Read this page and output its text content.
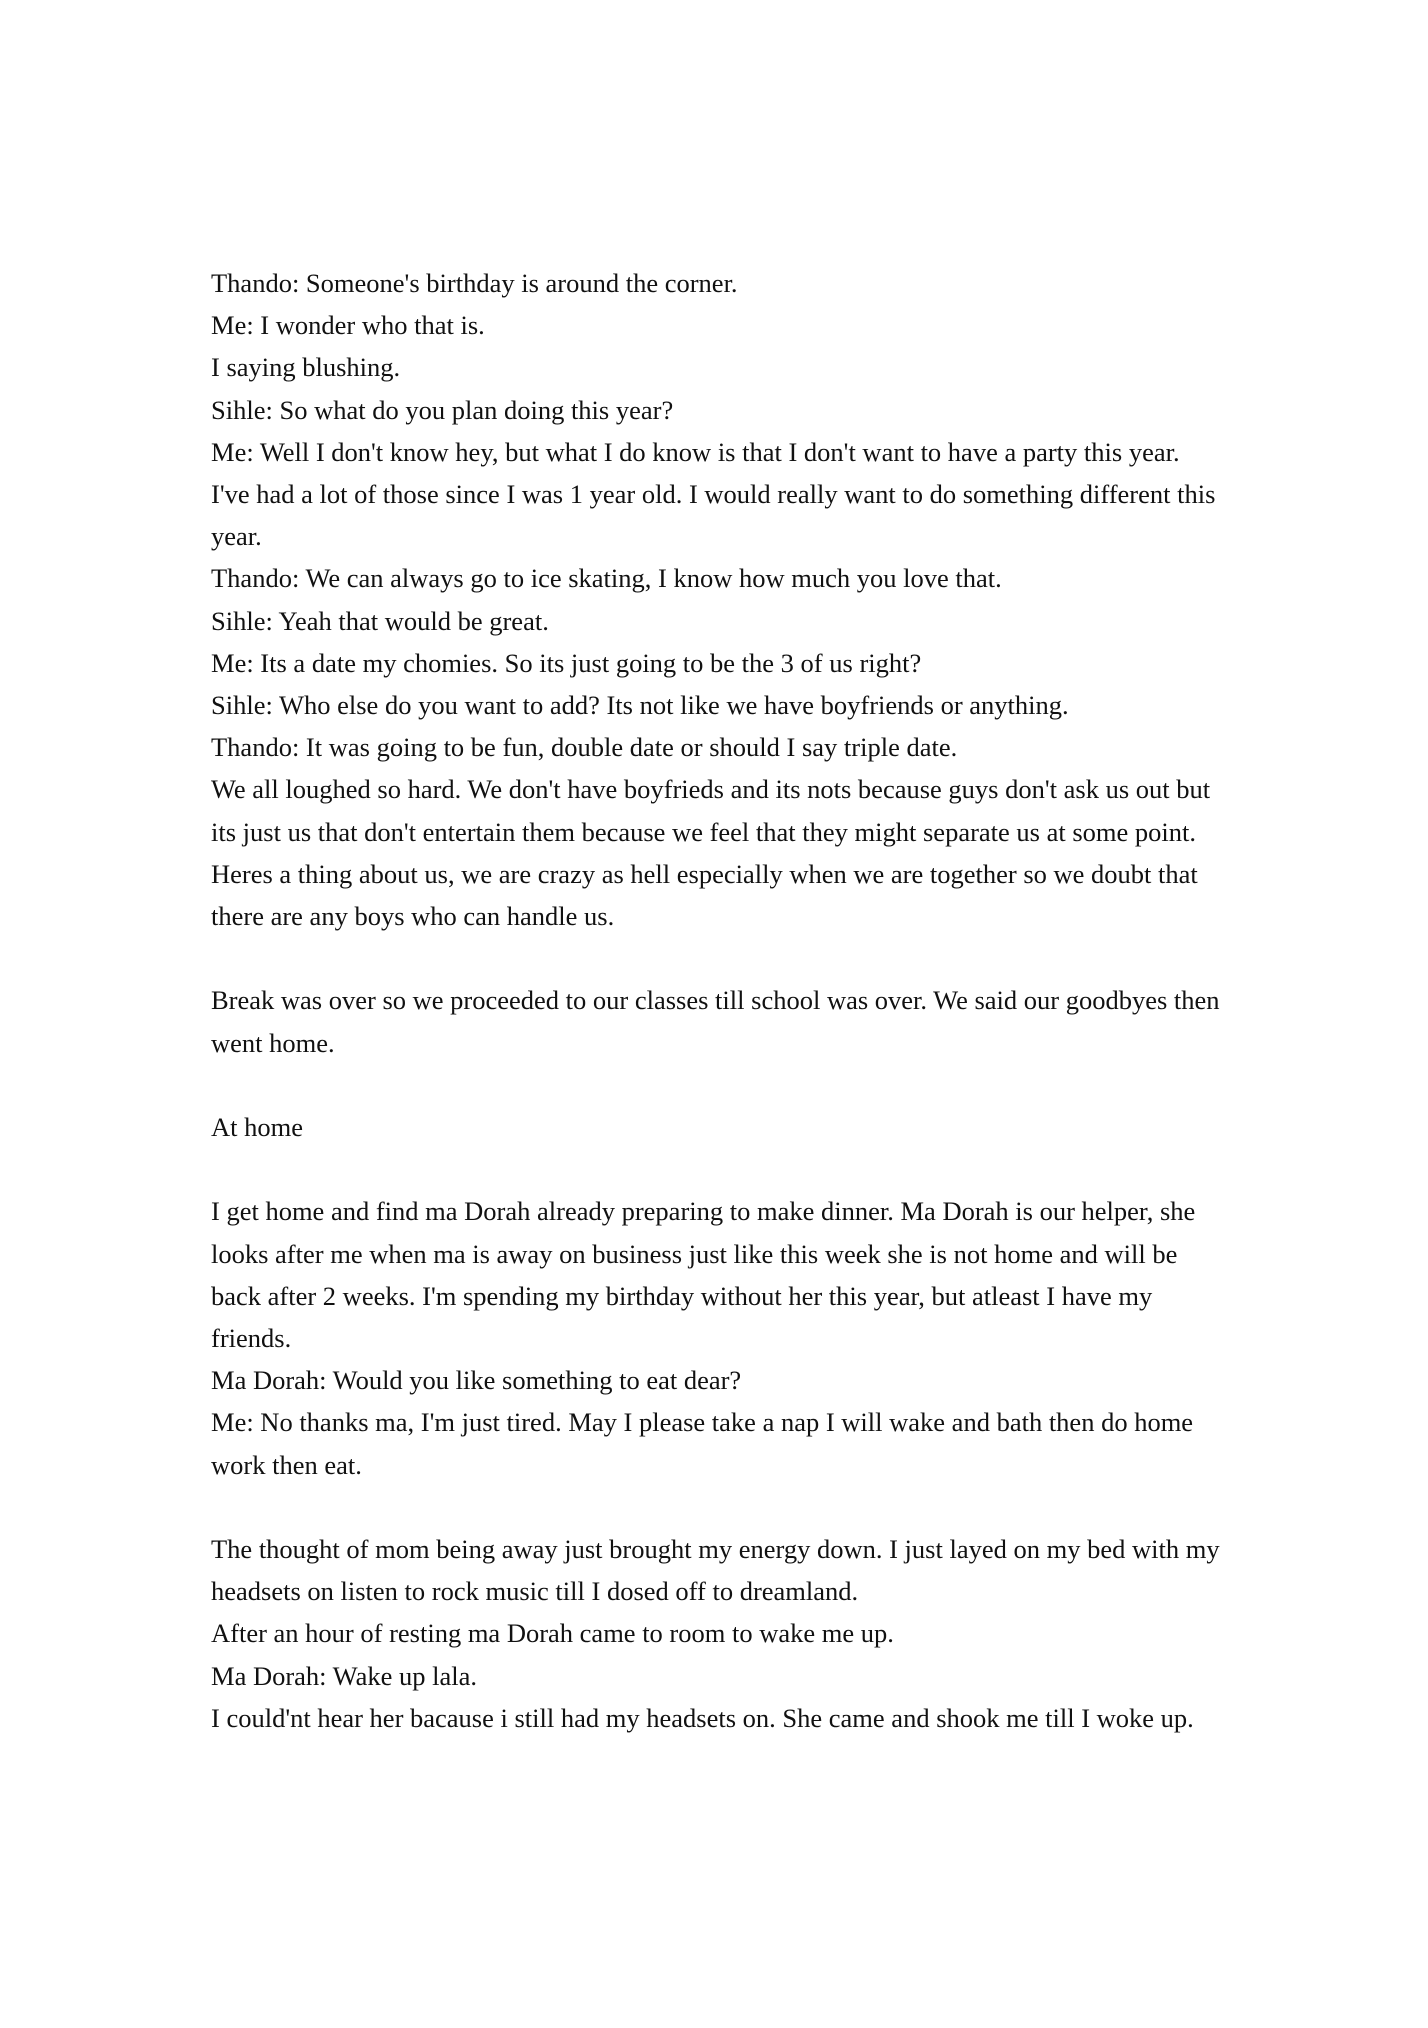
Thando: Someone's birthday is around the corner.

Me: I wonder who that is.

I saying blushing.

Sihle: So what do you plan doing this year?

Me: Well I don't know hey, but what I do know is that I don't want to have a party this year. I've had a lot of those since I was 1 year old. I would really want to do something different this year.

Thando: We can always go to ice skating, I know how much you love that.

Sihle: Yeah that would be great.

Me: Its a date my chomies. So its just going to be the 3 of us right?

Sihle: Who else do you want to add? Its not like we have boyfriends or anything.

Thando: It was going to be fun, double date or should I say triple date.

We all loughed so hard. We don't have boyfrieds and its nots because guys don't ask us out but its just us that don't entertain them because we feel that they might separate us at some point. Heres a thing about us, we are crazy as hell especially when we are together so we doubt that there are any boys who can handle us.

Break was over so we proceeded to our classes till school was over. We said our goodbyes then went home.

At home

I get home and find ma Dorah already preparing to make dinner. Ma Dorah is our helper, she looks after me when ma is away on business just like this week she is not home and will be back after 2 weeks. I'm spending my birthday without her this year, but atleast I have my friends.

Ma Dorah: Would you like something to eat dear?

Me: No thanks ma, I'm just tired. May I please take a nap I will wake and bath then do home work then eat.

The thought of mom being away just brought my energy down. I just layed on my bed with my headsets on listen to rock music till I dosed off to dreamland.

After an hour of resting ma Dorah came to room to wake me up.

Ma Dorah: Wake up lala.

I could'nt hear her bacause i still had my headsets on. She came and shook me till I woke up.
